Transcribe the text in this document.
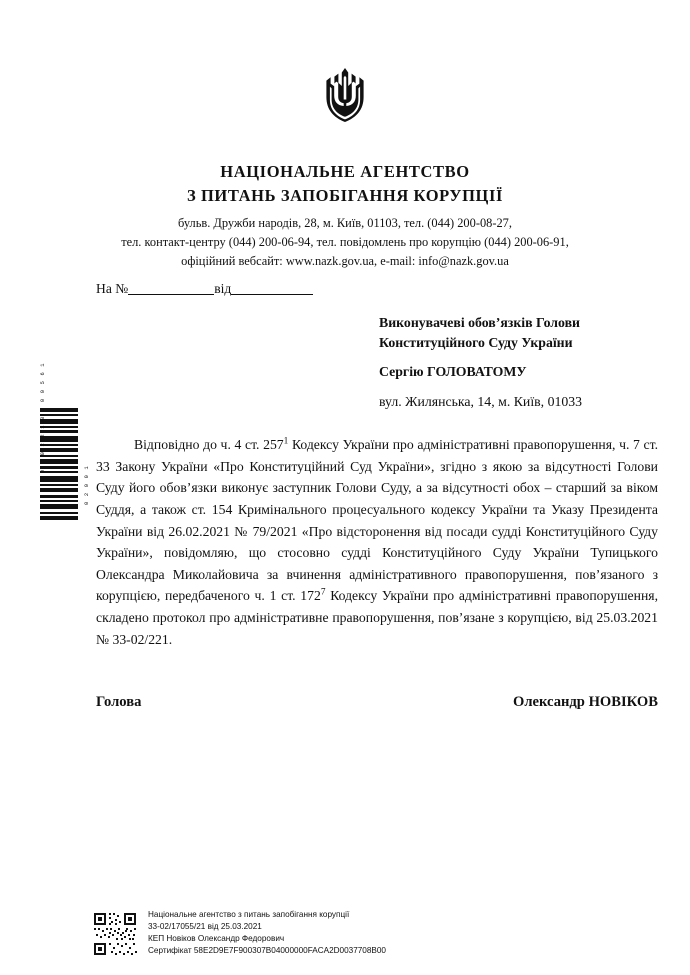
НАЦІОНАЛЬНЕ АГЕНТСТВО
З ПИТАНЬ ЗАПОБІГАННЯ КОРУПЦІЇ
бульв. Дружби народів, 28, м. Київ, 01103, тел. (044) 200-08-27,
тел. контакт-центру (044) 200-06-94, тел. повідомлень про корупцію (044) 200-06-91,
офіційний вебсайт: www.nazk.gov.ua, e-mail: info@nazk.gov.ua
На №	від
Виконувачеві обов’язків Голови
Конституційного Суду України
Сергію ГОЛОВАТОМУ
вул. Жилянська, 14, м. Київ, 01033
3 0 | 0 2 2 1 0 3 0 0 5 6 1
0 2 0 0 1

Відповідно до ч. 4 ст. $257^1$ Кодексу України про адміністративні правопорушення, ч. 7 ст. 33 Закону України «Про Конституційний Суд України», згідно з якою за відсутності Голови Суду його обов’язки виконує заступник Голови Суду, а за відсутності обох – старший за віком Суддя, а також ст. 154 Кримінального процесуального кодексу України та Указу Президента України від 26.02.2021 № 79/2021 «Про відсторонення від посади судді Конституційного Суду України», повідомляю, що стосовно судді Конституційного Суду України Тупицького Олександра Миколайовича за вчинення адміністративного правопорушення, пов’язаного з корупцією, передбаченого ч. 1 ст. $172^7$ Кодексу України про адміністративні правопорушення, складено протокол про адміністративне правопорушення, пов’язане з корупцією, від 25.03.2021 № 33-02/221.

Голова	Олександр НОВІКОВ
Національне агентство з питань запобігання корупції
33-02/17055/21 від 25.03.2021
КЕП Новіков Олександр Федорович
Сертифікат 58E2D9E7F900307B04000000FACA2D0037708B00
